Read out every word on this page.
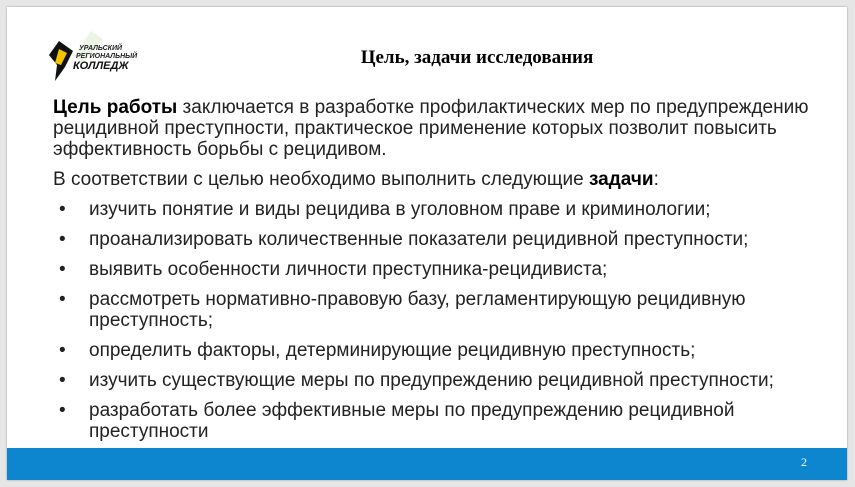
УРАЛЬСКИЙ
РЕГИОНАЛЬНЫЙ
КОЛЛЕДЖ	Цель, задачи исследования

Цель работы заключается в разработке профилактических мер по предупреждению рецидивной преступности, практическое применение которых позволит повысить эффективность борьбы с рецидивом.

В соответствии с целью необходимо выполнить следующие задачи:

• изучить понятие и виды рецидива в уголовном праве и криминологии;
• проанализировать количественные показатели рецидивной преступности;
• выявить особенности личности преступника-рецидивиста;
• рассмотреть нормативно-правовую базу, регламентирующую рецидивную преступность;
• определить факторы, детерминирующие рецидивную преступность;
• изучить существующие меры по предупреждению рецидивной преступности;
• разработать более эффективные меры по предупреждению рецидивной преступности
2
